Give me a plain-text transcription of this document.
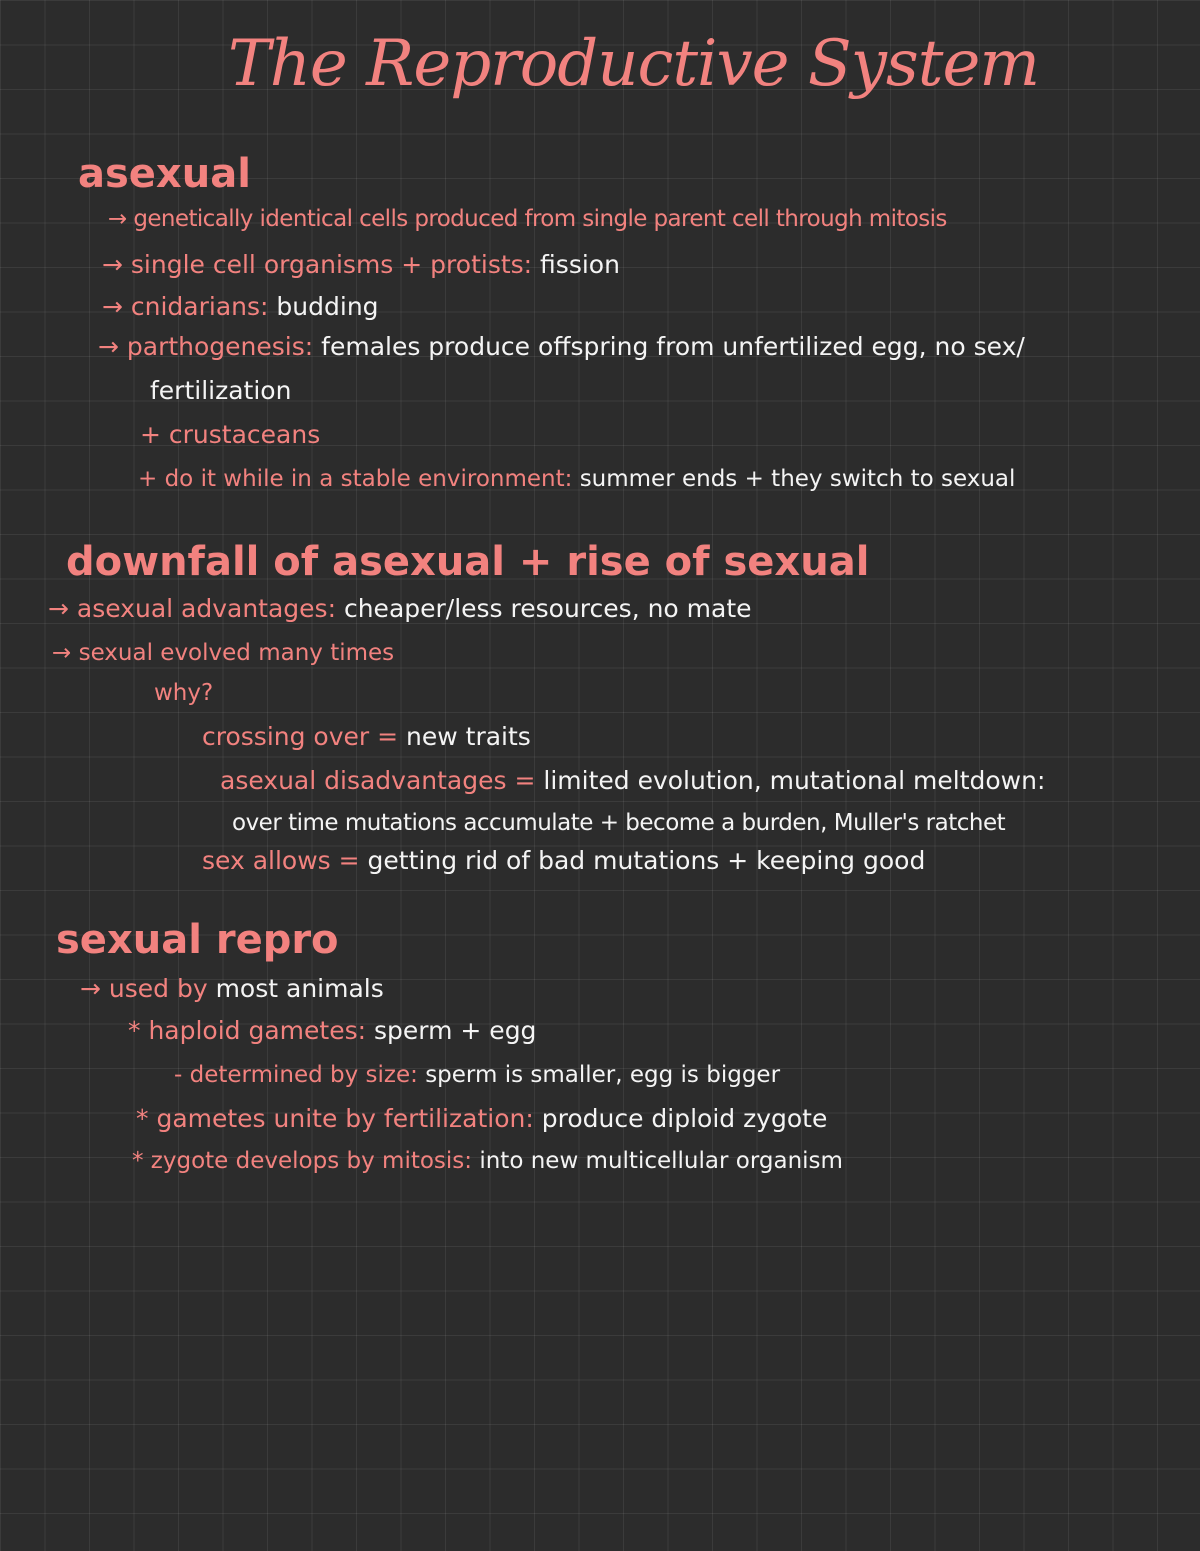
The Reproductive System
asexual
→ genetically identical cells produced from single parent cell through mitosis
→ single cell organisms + protists: fission
→ cnidarians: budding
→ parthogenesis: females produce offspring from unfertilized egg, no sex/
fertilization
+ crustaceans
+ do it while in a stable environment: summer ends + they switch to sexual
downfall of asexual + rise of sexual
→ asexual advantages: cheaper/less resources, no mate
→ sexual evolved many times
why?
crossing over = new traits
asexual disadvantages = limited evolution, mutational meltdown:
over time mutations accumulate + become a burden, Muller's ratchet
sex allows = getting rid of bad mutations + keeping good
sexual repro
→ used by most animals
* haploid gametes: sperm + egg
- determined by size: sperm is smaller, egg is bigger
* gametes unite by fertilization: produce diploid zygote
* zygote develops by mitosis: into new multicellular organism
